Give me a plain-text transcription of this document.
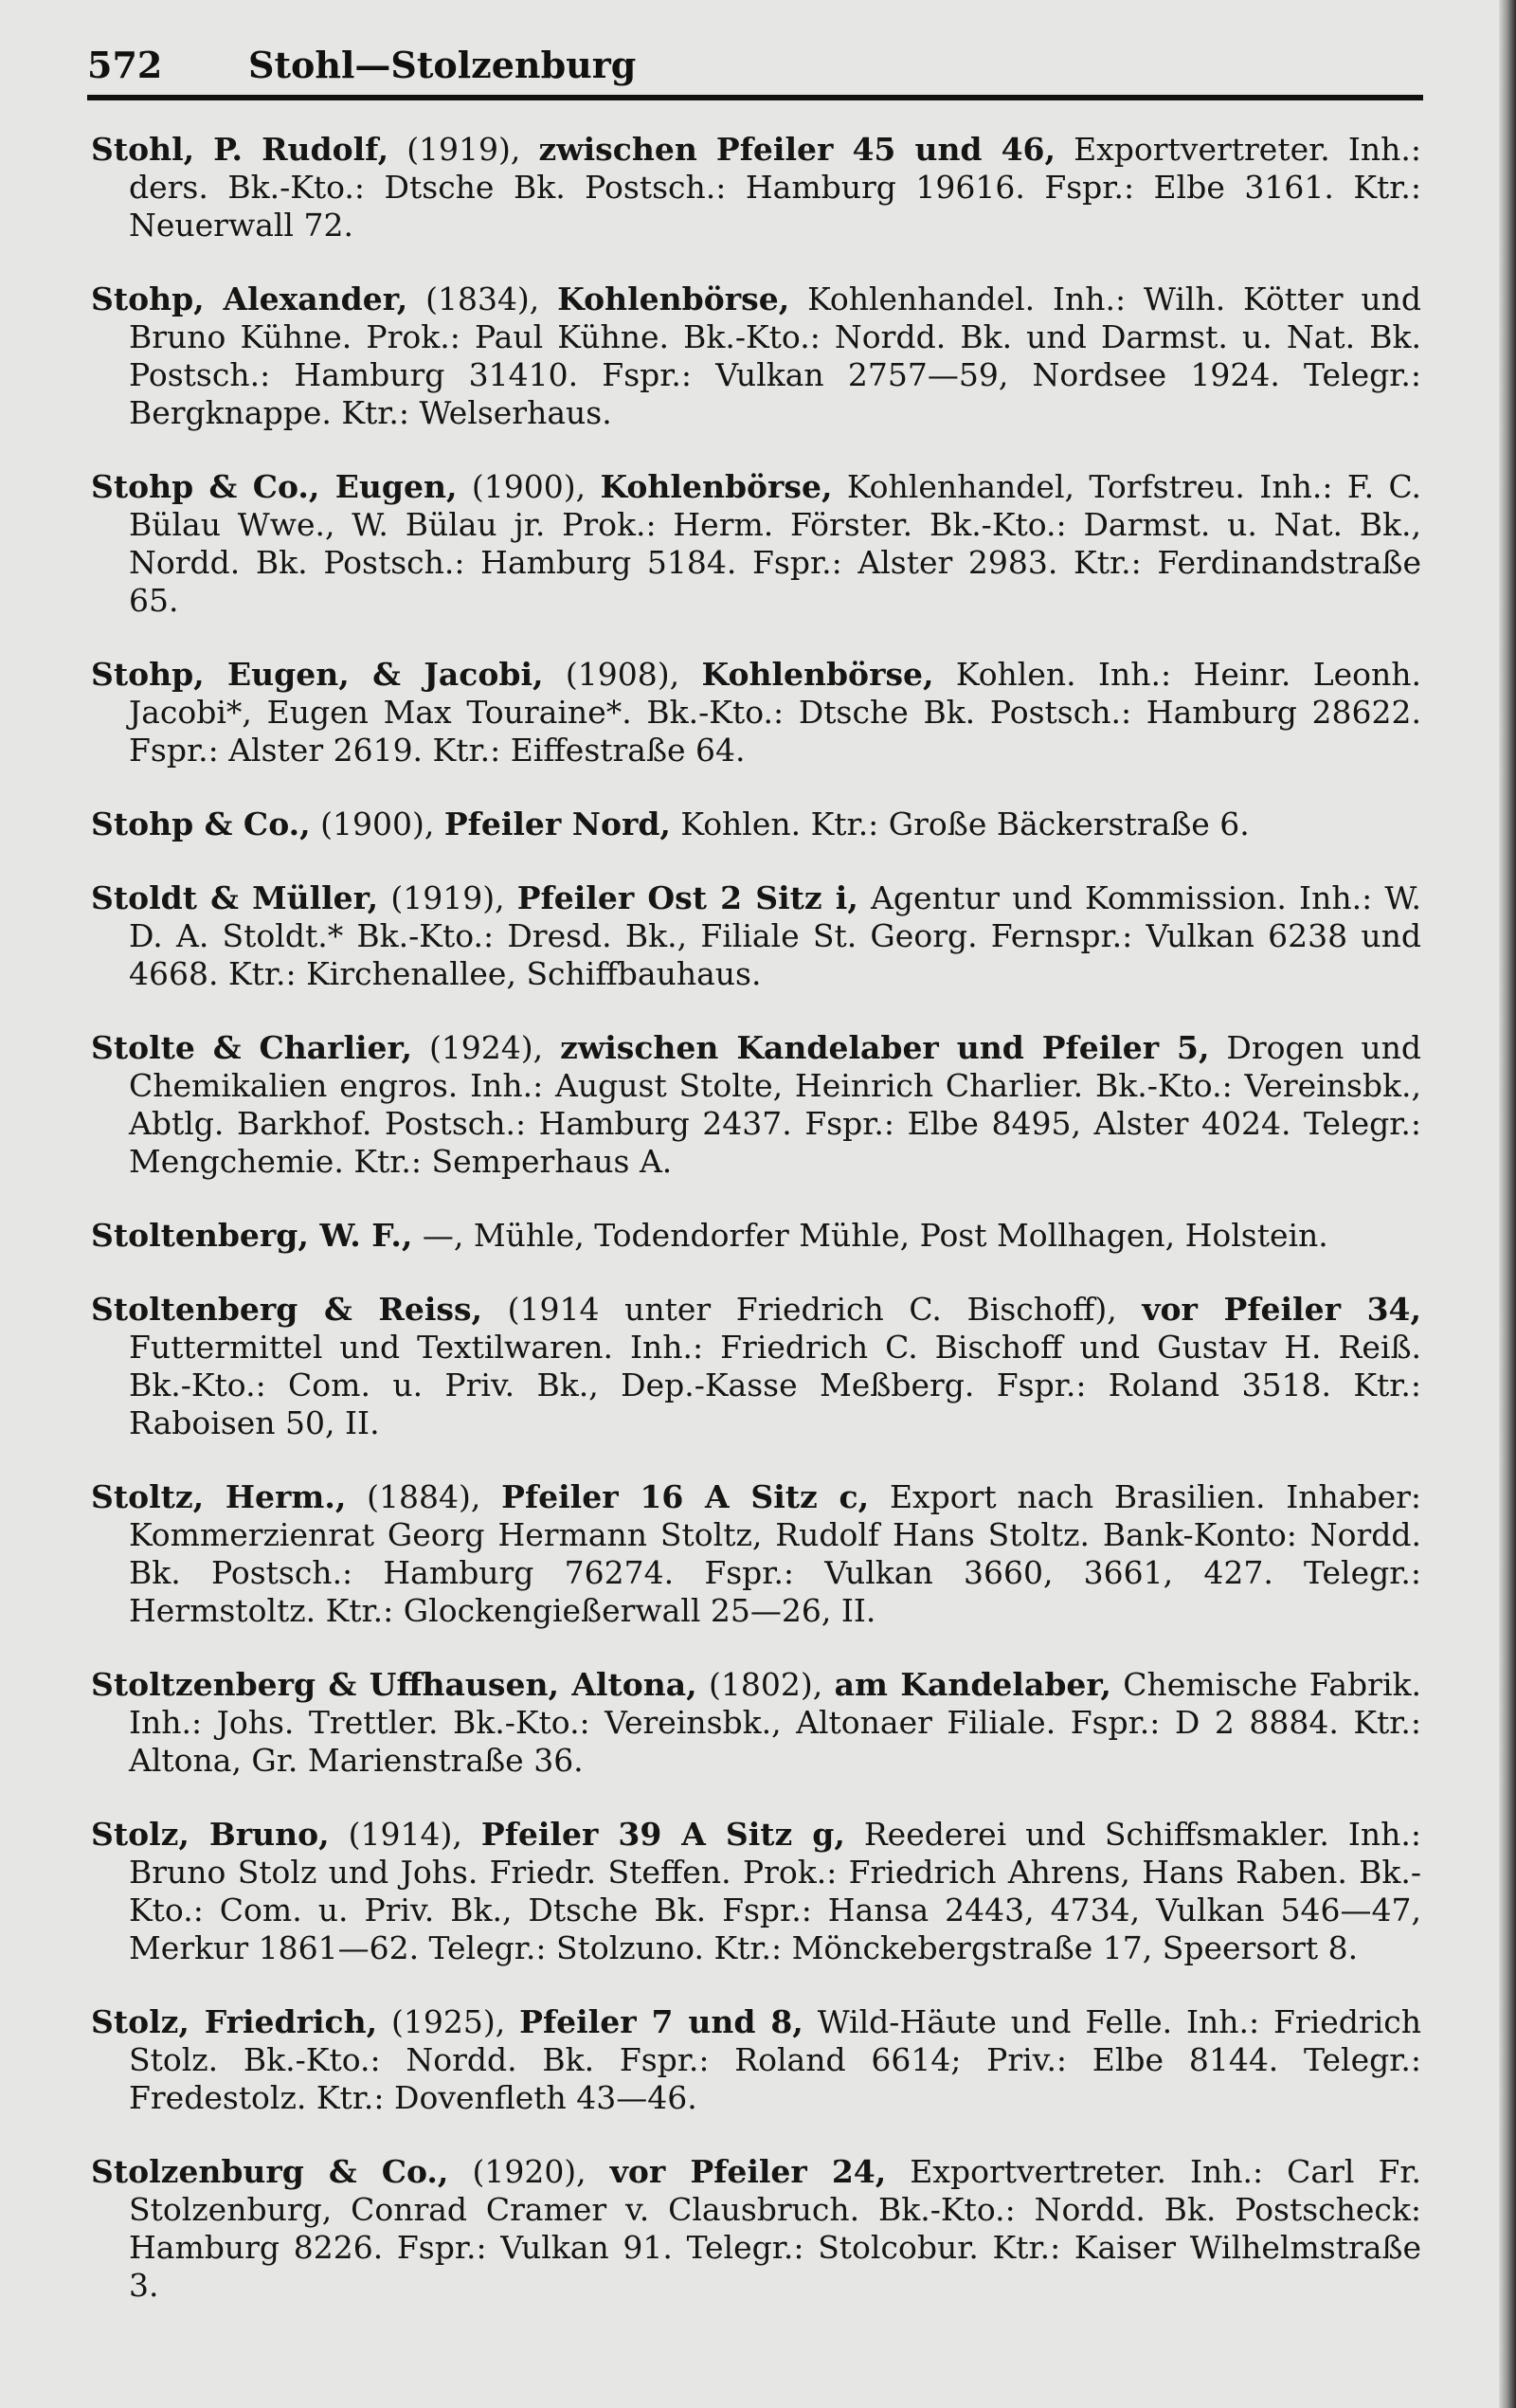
572 Stohl—Stolzenburg

Stohl, P. Rudolf, (1919), zwischen Pfeiler 45 und 46, Exportvertreter. Inh.: ders. Bk.-Kto.: Dtsche Bk. Postsch.: Hamburg 19616. Fspr.: Elbe 3161. Ktr.: Neuerwall 72.

Stohp, Alexander, (1834), Kohlenbörse, Kohlenhandel. Inh.: Wilh. Kötter und Bruno Kühne. Prok.: Paul Kühne. Bk.-Kto.: Nordd. Bk. und Darmst. u. Nat. Bk. Postsch.: Hamburg 31410. Fspr.: Vulkan 2757—59, Nordsee 1924. Telegr.: Bergknappe. Ktr.: Welserhaus.

Stohp & Co., Eugen, (1900), Kohlenbörse, Kohlenhandel, Torfstreu. Inh.: F. C. Bülau Wwe., W. Bülau jr. Prok.: Herm. Förster. Bk.-Kto.: Darmst. u. Nat. Bk., Nordd. Bk. Postsch.: Hamburg 5184. Fspr.: Alster 2983. Ktr.: Ferdinandstraße 65.

Stohp, Eugen, & Jacobi, (1908), Kohlenbörse, Kohlen. Inh.: Heinr. Leonh. Jacobi*, Eugen Max Touraine*. Bk.-Kto.: Dtsche Bk. Postsch.: Hamburg 28622. Fspr.: Alster 2619. Ktr.: Eiffestraße 64.

Stohp & Co., (1900), Pfeiler Nord, Kohlen. Ktr.: Große Bäckerstraße 6.

Stoldt & Müller, (1919), Pfeiler Ost 2 Sitz i, Agentur und Kommission. Inh.: W. D. A. Stoldt.* Bk.-Kto.: Dresd. Bk., Filiale St. Georg. Fernspr.: Vulkan 6238 und 4668. Ktr.: Kirchenallee, Schiffbauhaus.

Stolte & Charlier, (1924), zwischen Kandelaber und Pfeiler 5, Drogen und Chemikalien engros. Inh.: August Stolte, Heinrich Charlier. Bk.-Kto.: Vereinsbk., Abtlg. Barkhof. Postsch.: Hamburg 2437. Fspr.: Elbe 8495, Alster 4024. Telegr.: Mengchemie. Ktr.: Semperhaus A.

Stoltenberg, W. F., —, Mühle, Todendorfer Mühle, Post Mollhagen, Holstein.

Stoltenberg & Reiss, (1914 unter Friedrich C. Bischoff), vor Pfeiler 34, Futtermittel und Textilwaren. Inh.: Friedrich C. Bischoff und Gustav H. Reiß. Bk.-Kto.: Com. u. Priv. Bk., Dep.-Kasse Meßberg. Fspr.: Roland 3518. Ktr.: Raboisen 50, II.

Stoltz, Herm., (1884), Pfeiler 16 A Sitz c, Export nach Brasilien. Inhaber: Kommerzienrat Georg Hermann Stoltz, Rudolf Hans Stoltz. Bank-Konto: Nordd. Bk. Postsch.: Hamburg 76274. Fspr.: Vulkan 3660, 3661, 427. Telegr.: Hermstoltz. Ktr.: Glockengießerwall 25—26, II.

Stoltzenberg & Uffhausen, Altona, (1802), am Kandelaber, Chemische Fabrik. Inh.: Johs. Trettler. Bk.-Kto.: Vereinsbk., Altonaer Filiale. Fspr.: D 2 8884. Ktr.: Altona, Gr. Marienstraße 36.

Stolz, Bruno, (1914), Pfeiler 39 A Sitz g, Reederei und Schiffsmakler. Inh.: Bruno Stolz und Johs. Friedr. Steffen. Prok.: Friedrich Ahrens, Hans Raben. Bk.-Kto.: Com. u. Priv. Bk., Dtsche Bk. Fspr.: Hansa 2443, 4734, Vulkan 546—47, Merkur 1861—62. Telegr.: Stolzuno. Ktr.: Mönckebergstraße 17, Speersort 8.

Stolz, Friedrich, (1925), Pfeiler 7 und 8, Wild-Häute und Felle. Inh.: Friedrich Stolz. Bk.-Kto.: Nordd. Bk. Fspr.: Roland 6614; Priv.: Elbe 8144. Telegr.: Fredestolz. Ktr.: Dovenfleth 43—46.

Stolzenburg & Co., (1920), vor Pfeiler 24, Exportvertreter. Inh.: Carl Fr. Stolzenburg, Conrad Cramer v. Clausbruch. Bk.-Kto.: Nordd. Bk. Postscheck: Hamburg 8226. Fspr.: Vulkan 91. Telegr.: Stolcobur. Ktr.: Kaiser Wilhelmstraße 3.
